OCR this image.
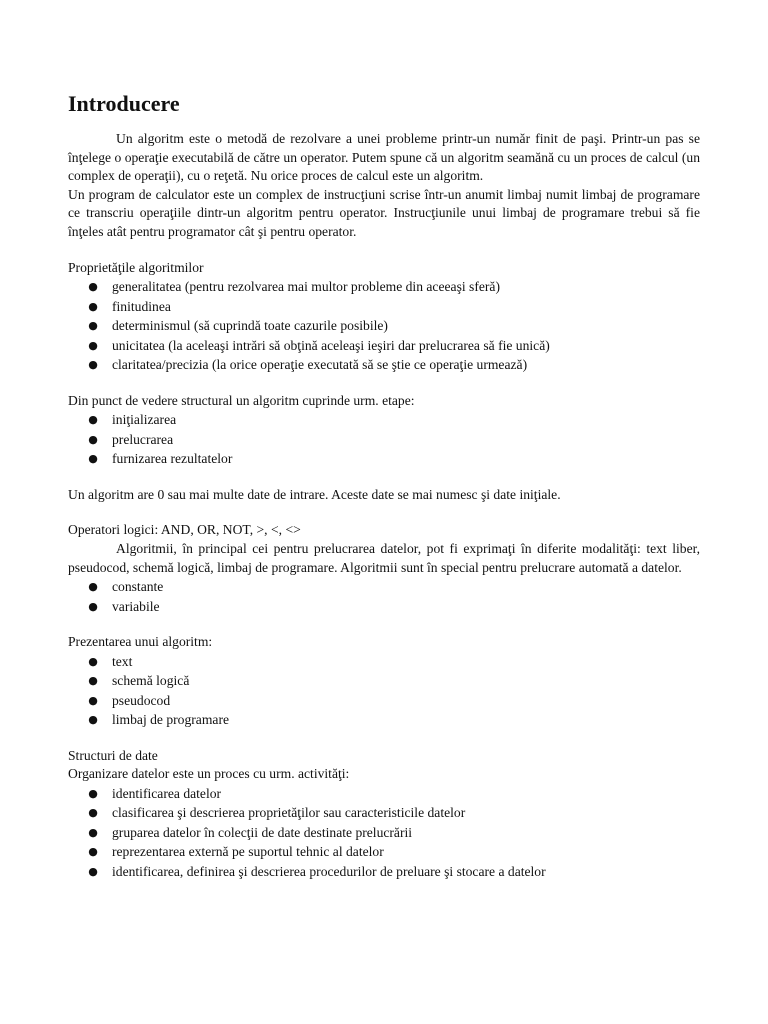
Introducere

Un algoritm este o metodă de rezolvare a unei probleme printr-un număr finit de paşi. Printr-un pas se înţelege o operaţie executabilă de către un operator. Putem spune că un algoritm seamănă cu un proces de calcul (un complex de operaţii), cu o reţetă. Nu orice proces de calcul este un algoritm.

Un program de calculator este un complex de instrucţiuni scrise într-un anumit limbaj numit limbaj de programare ce transcriu operaţiile dintr-un algoritm pentru operator. Instrucţiunile unui limbaj de programare trebui să fie înţeles atât pentru programator cât şi pentru operator.

Proprietăţile algoritmilor

● generalitatea (pentru rezolvarea mai multor probleme din aceeaşi sferă)
● finitudinea
● determinismul (să cuprindă toate cazurile posibile)
● unicitatea (la aceleaşi intrări să obţină aceleaşi ieşiri dar prelucrarea să fie unică)
● claritatea/precizia (la orice operaţie executată să se ştie ce operaţie urmează)

Din punct de vedere structural un algoritm cuprinde urm. etape:

● iniţializarea
● prelucrarea
● furnizarea rezultatelor

Un algoritm are 0 sau mai multe date de intrare. Aceste date se mai numesc şi date iniţiale.

Operatori logici: AND, OR, NOT, >, <, <>

Algoritmii, în principal cei pentru prelucrarea datelor, pot fi exprimaţi în diferite modalităţi: text liber, pseudocod, schemă logică, limbaj de programare. Algoritmii sunt în special pentru prelucrare automată a datelor.

● constante
● variabile

Prezentarea unui algoritm:

● text
● schemă logică
● pseudocod
● limbaj de programare

Structuri de date

Organizare datelor este un proces cu urm. activităţi:

● identificarea datelor
● clasificarea şi descrierea proprietăţilor sau caracteristicile datelor
● gruparea datelor în colecţii de date destinate prelucrării
● reprezentarea externă pe suportul tehnic al datelor
● identificarea, definirea şi descrierea procedurilor de preluare şi stocare a datelor
